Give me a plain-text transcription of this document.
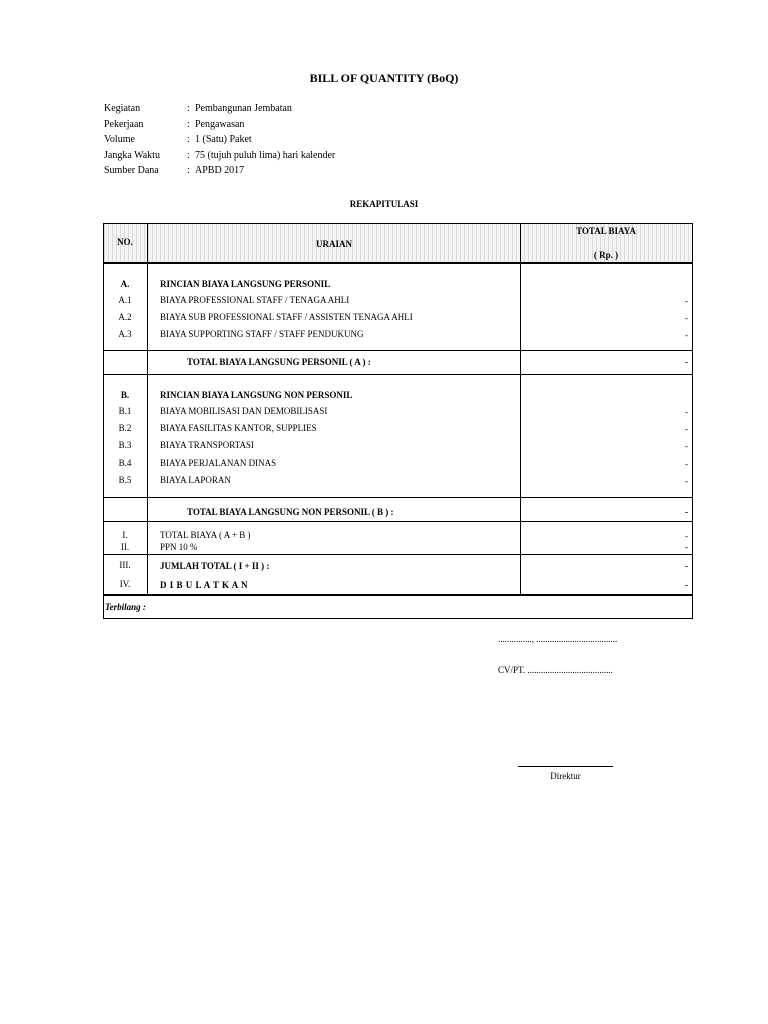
BILL OF QUANTITY (BoQ)
Kegiatan	: Pembangunan Jembatan
Pekerjaan	: Pengawasan
Volume	: 1 (Satu) Paket
Jangka Waktu	: 75 (tujuh puluh lima) hari kalender
Sumber Dana	: APBD 2017
REKAPITULASI
NO.	URAIAN
TOTAL BIAYA
( Rp. )
A.	RINCIAN BIAYA LANGSUNG PERSONIL
A.1	BIAYA PROFESSIONAL STAFF / TENAGA AHLI	-
A.2	BIAYA SUB PROFESSIONAL STAFF / ASSISTEN TENAGA AHLI	-
A.3	BIAYA SUPPORTING STAFF / STAFF PENDUKUNG	-
TOTAL BIAYA LANGSUNG PERSONIL ( A ) :	-
B.	RINCIAN BIAYA LANGSUNG NON PERSONIL
B.1	BIAYA MOBILISASI DAN DEMOBILISASI	-
B.2	BIAYA FASILITAS KANTOR, SUPPLIES	-
B.3	BIAYA TRANSPORTASI	-
B.4	BIAYA PERJALANAN DINAS	-
B.5	BIAYA LAPORAN	-
TOTAL BIAYA LANGSUNG NON PERSONIL ( B ) :	-
I.	TOTAL BIAYA ( A + B )	-
II.	PPN 10 %	-
III.	JUMLAH TOTAL ( I + II ) :	-
IV.	D I B U L A T K A N	-
Terbilang :
..............., ....................................
CV/PT. ......................................
Direktur
